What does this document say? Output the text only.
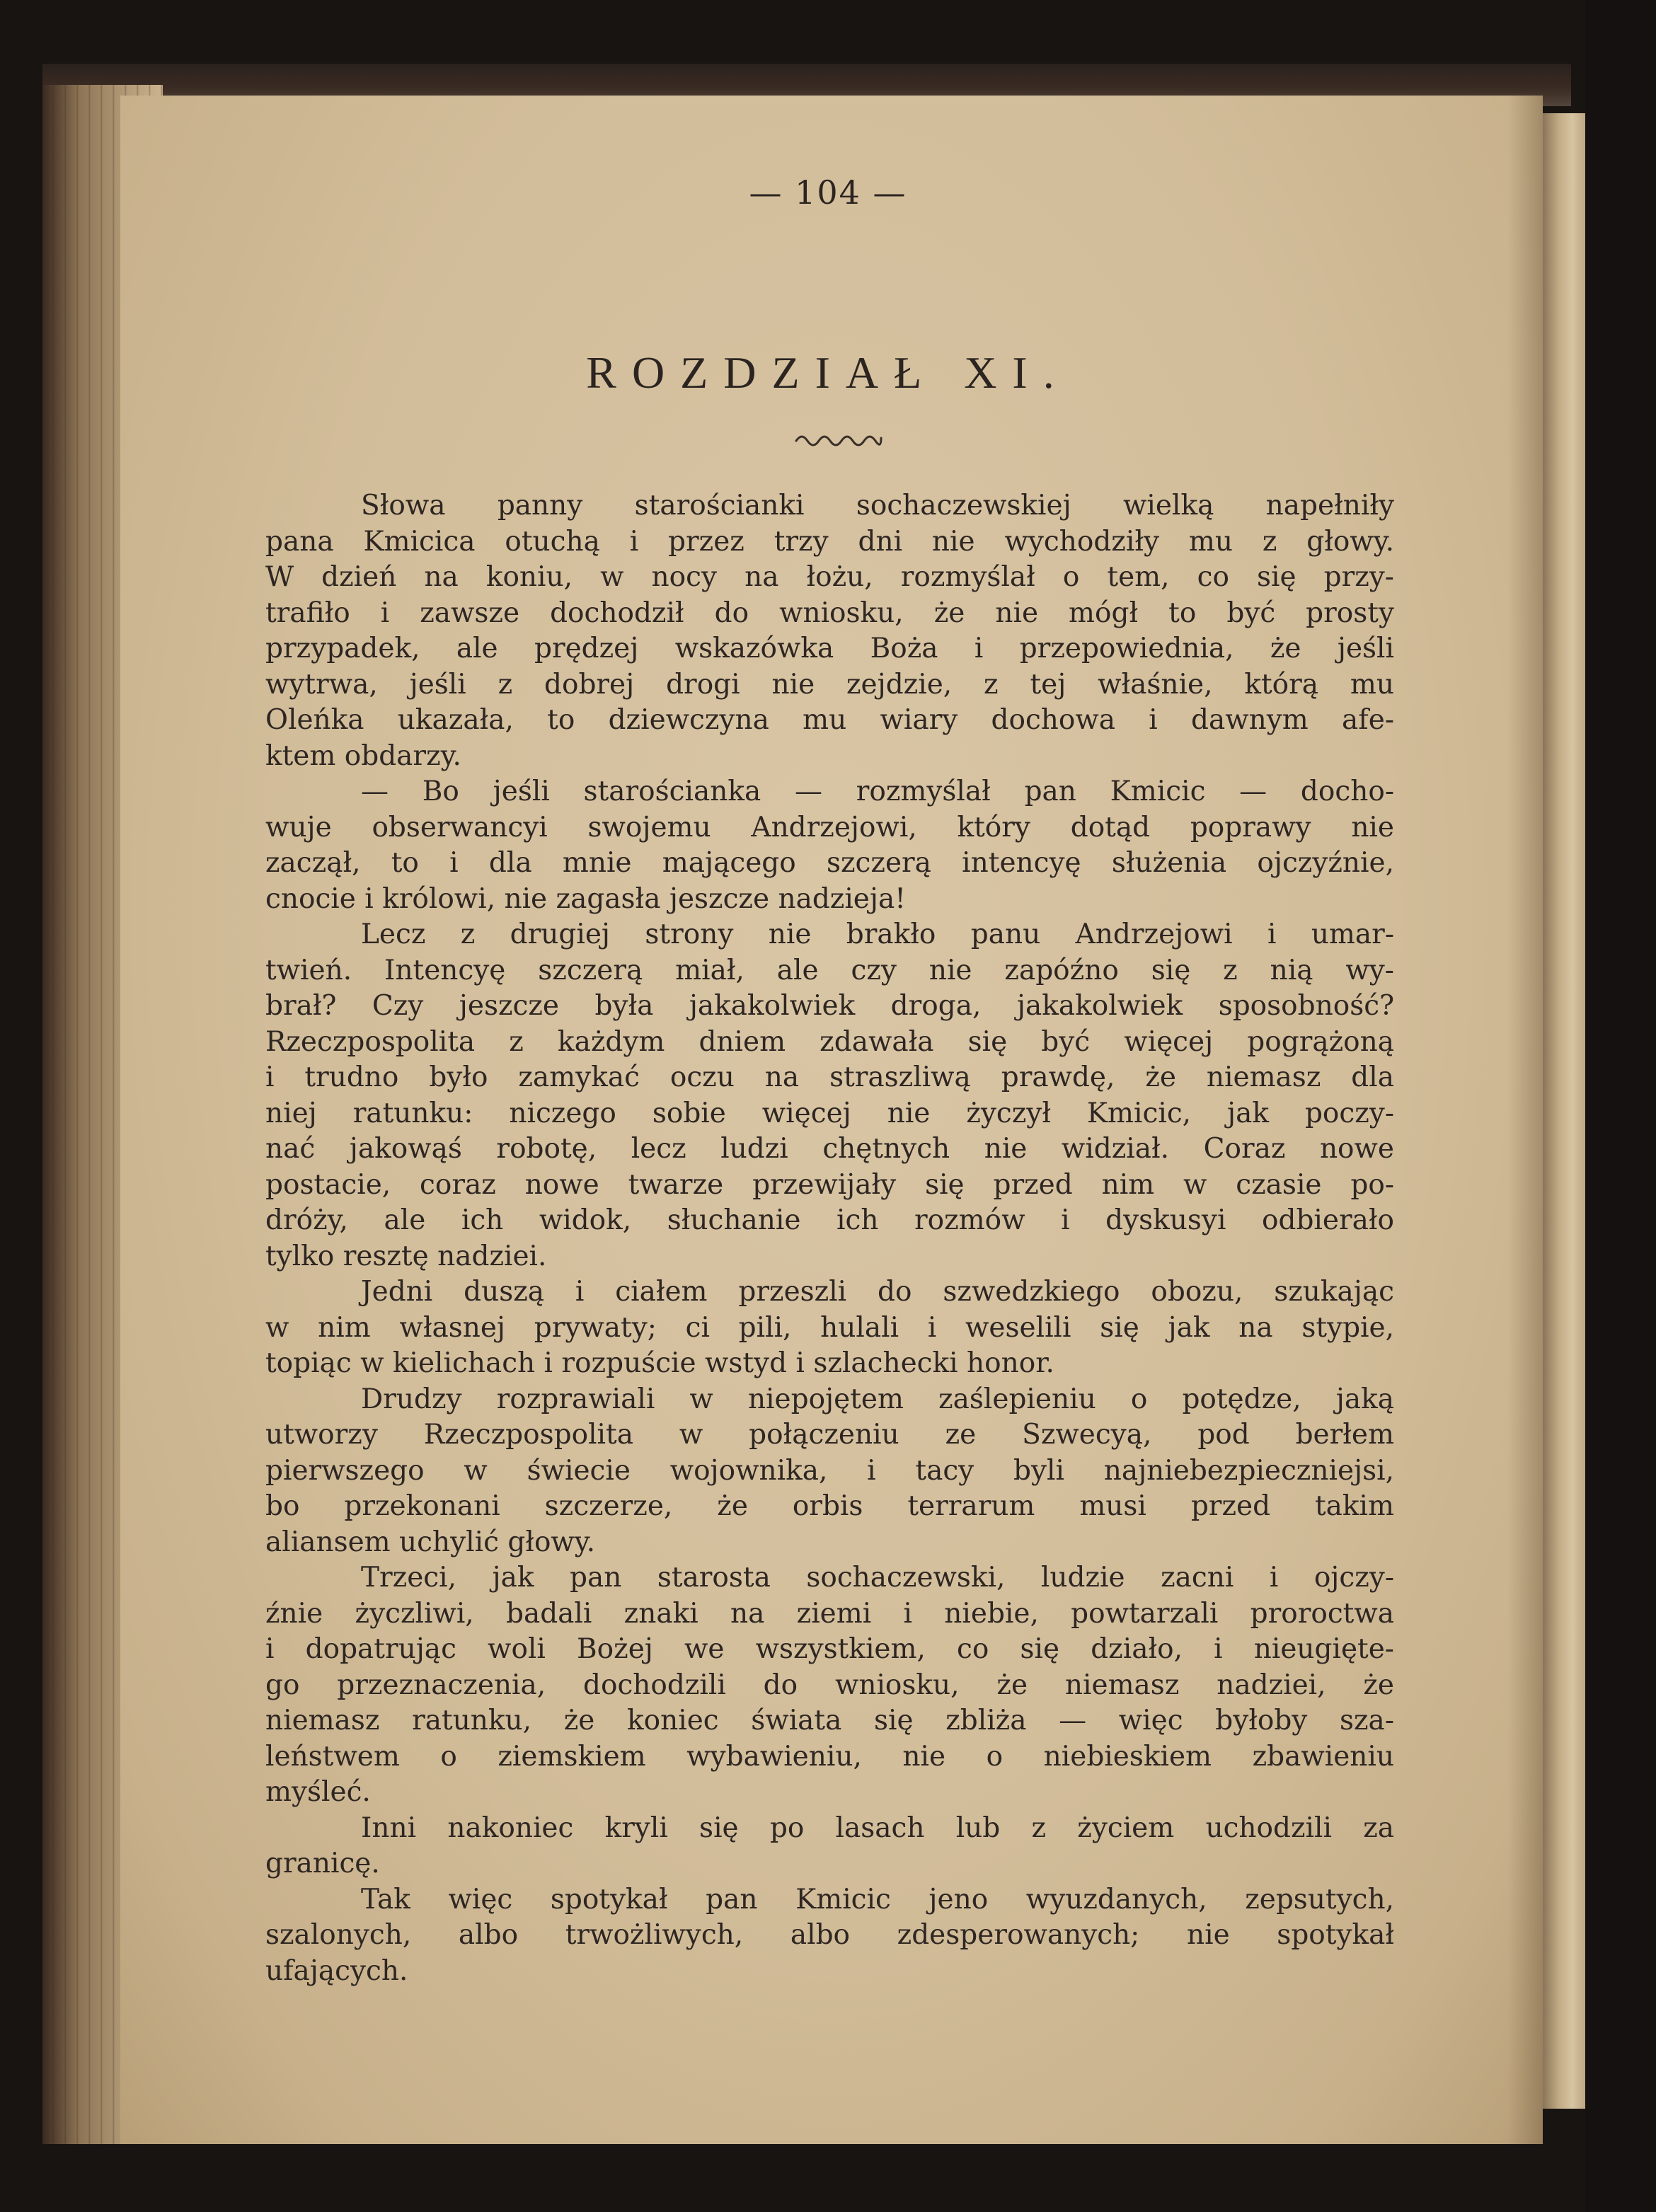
— 104 —
ROZDZIAŁ XI.
Słowa panny starościanki sochaczewskiej wielką napełniły
pana Kmicica otuchą i przez trzy dni nie wychodziły mu z głowy.
W dzień na koniu, w nocy na łożu, rozmyślał o tem, co się przy-
trafiło i zawsze dochodził do wniosku, że nie mógł to być prosty
przypadek, ale prędzej wskazówka Boża i przepowiednia, że jeśli
wytrwa, jeśli z dobrej drogi nie zejdzie, z tej właśnie, którą mu
Oleńka ukazała, to dziewczyna mu wiary dochowa i dawnym afe-
ktem obdarzy.
— Bo jeśli starościanka — rozmyślał pan Kmicic — docho-
wuje obserwancyi swojemu Andrzejowi, który dotąd poprawy nie
zaczął, to i dla mnie mającego szczerą intencyę służenia ojczyźnie,
cnocie i królowi, nie zagasła jeszcze nadzieja!
Lecz z drugiej strony nie brakło panu Andrzejowi i umar-
twień. Intencyę szczerą miał, ale czy nie zapóźno się z nią wy-
brał? Czy jeszcze była jakakolwiek droga, jakakolwiek sposobność?
Rzeczpospolita z każdym dniem zdawała się być więcej pogrążoną
i trudno było zamykać oczu na straszliwą prawdę, że niemasz dla
niej ratunku: niczego sobie więcej nie życzył Kmicic, jak poczy-
nać jakowąś robotę, lecz ludzi chętnych nie widział. Coraz nowe
postacie, coraz nowe twarze przewijały się przed nim w czasie po-
dróży, ale ich widok, słuchanie ich rozmów i dyskusyi odbierało
tylko resztę nadziei.
Jedni duszą i ciałem przeszli do szwedzkiego obozu, szukając
w nim własnej prywaty; ci pili, hulali i weselili się jak na stypie,
topiąc w kielichach i rozpuście wstyd i szlachecki honor.
Drudzy rozprawiali w niepojętem zaślepieniu o potędze, jaką
utworzy Rzeczpospolita w połączeniu ze Szwecyą, pod berłem
pierwszego w świecie wojownika, i tacy byli najniebezpieczniejsi,
bo przekonani szczerze, że orbis terrarum musi przed takim
aliansem uchylić głowy.
Trzeci, jak pan starosta sochaczewski, ludzie zacni i ojczy-
źnie życzliwi, badali znaki na ziemi i niebie, powtarzali proroctwa
i dopatrując woli Bożej we wszystkiem, co się działo, i nieugięte-
go przeznaczenia, dochodzili do wniosku, że niemasz nadziei, że
niemasz ratunku, że koniec świata się zbliża — więc byłoby sza-
leństwem o ziemskiem wybawieniu, nie o niebieskiem zbawieniu
myśleć.
Inni nakoniec kryli się po lasach lub z życiem uchodzili za
granicę.
Tak więc spotykał pan Kmicic jeno wyuzdanych, zepsutych,
szalonych, albo trwożliwych, albo zdesperowanych; nie spotykał
ufających.
